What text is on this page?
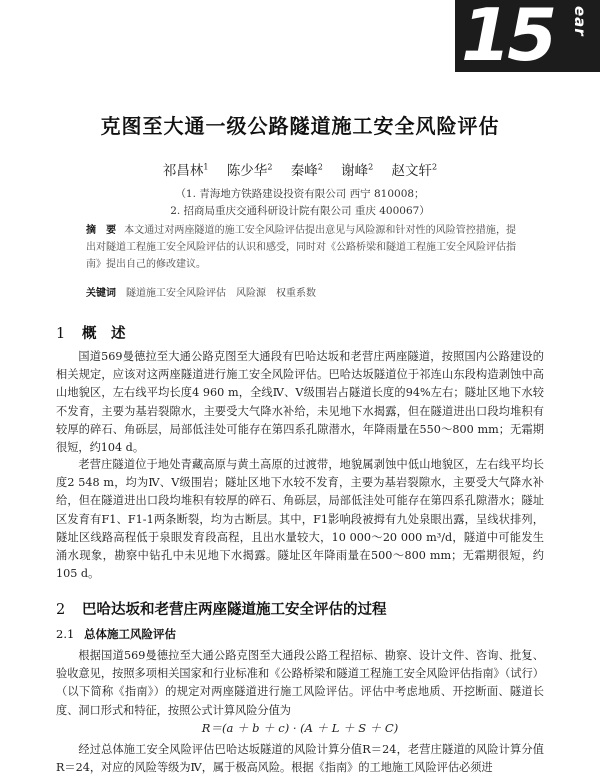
15 ear
克图至大通一级公路隧道施工安全风险评估
祁昌林$^1$ 陈少华$^2$ 秦峰$^2$ 谢峰$^2$ 赵文轩$^2$
（1. 青海地方铁路建设投资有限公司 西宁 810008；
2. 招商局重庆交通科研设计院有限公司 重庆 400067）
摘　要 本文通过对两座隧道的施工安全风险评估提出意见与风险源和针对性的风险管控措施，提出对隧道工程施工安全风险评估的认识和感受，同时对《公路桥梁和隧道工程施工安全风险评估指南》提出自己的修改建议。
关键词 隧道施工安全风险评估　风险源　权重系数
1 概　述

国道569曼德拉至大通公路克图至大通段有巴哈达坂和老营庄两座隧道，按照国内公路建设的相关规定，应该对这两座隧道进行施工安全风险评估。巴哈达坂隧道位于祁连山东段构造剥蚀中高山地貌区，左右线平均长度4 960 m，全线Ⅳ、Ⅴ级围岩占隧道长度的94%左右；隧址区地下水较不发育，主要为基岩裂隙水，主要受大气降水补给，未见地下水揭露，但在隧道进出口段均堆积有较厚的碎石、角砾层，局部低洼处可能存在第四系孔隙潜水，年降雨量在550～800 mm；无霜期很短，约104 d。

老营庄隧道位于地处青藏高原与黄土高原的过渡带，地貌属剥蚀中低山地貌区，左右线平均长度2 548 m，均为Ⅳ、Ⅴ级围岩；隧址区地下水较不发育，主要为基岩裂隙水，主要受大气降水补给，但在隧道进出口段均堆积有较厚的碎石、角砾层，局部低洼处可能存在第四系孔隙潜水；隧址区发育有F1、F1-1两条断裂，均为古断层。其中，F1影响段被拇有九处泉眼出露，呈线状排列，隧址区线路高程低于泉眼发育段高程，且出水量较大，10 000～20 000 m³/d，隧道中可能发生涌水现象，勘察中钻孔中未见地下水揭露。隧址区年降雨量在500～800 mm；无霜期很短，约105 d。

2 巴哈达坂和老营庄两座隧道施工安全评估的过程
2.1 总体施工风险评估

根据国道569曼德拉至大通公路克图至大通段公路工程招标、勘察、设计文件、咨询、批复、验收意见，按照多项相关国家和行业标准和《公路桥梁和隧道工程施工安全风险评估指南》（试行）（以下简称《指南》）的规定对两座隧道进行施工风险评估。评估中考虑地质、开挖断面、隧道长度、洞口形式和特征，按照公式计算风险分值为

R＝(a ＋ b ＋ c) · (A ＋ L ＋ S ＋ C)

经过总体施工安全风险评估巴哈达坂隧道的风险计算分值R＝24，老营庄隧道的风险计算分值R＝24，对应的风险等级为Ⅳ，属于极高风险。根据《指南》的工地施工风险评估必须进
